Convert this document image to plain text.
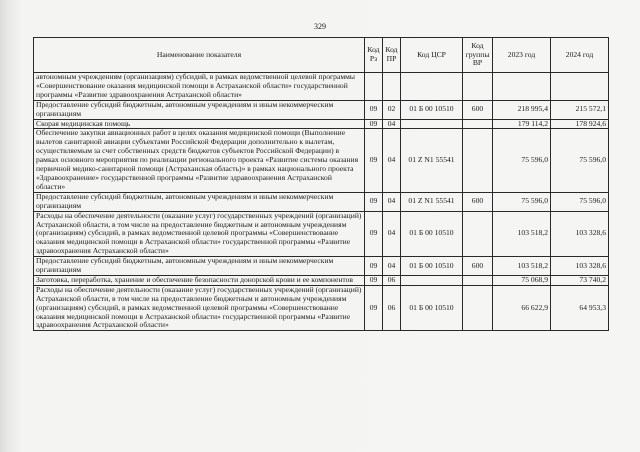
329
Наименование показателя	Код Рз	Код ПР	Код ЦСР	Код группы ВР	2023 год	2024 год
автономным учреждениям (организациям) субсидий, в рамках ведомственной целевой программы «Совершенствование оказания медицинской помощи в Астраханской области» государственной программы «Развитие здравоохранения Астраханской области»						
Предоставление субсидий бюджетным, автономным учреждениям и иным некоммерческим организациям	09	02	01 Б 00 10510	600	218 995,4	215 572,1
Скорая медицинская помощь	09	04			179 114,2	178 924,6
Обеспечение закупки авиационных работ в целях оказания медицинской помощи (Выполнение вылетов санитарной авиации субъектами Российской Федерации дополнительно к вылетам, осуществляемым за счет собственных средств бюджетов субъектов Российской Федерации) в рамках основного мероприятия по реализации регионального проекта «Развитие системы оказания первичной медико-санитарной помощи (Астраханская область)» в рамках национального проекта «Здравоохранение» государственной программы «Развитие здравоохранения Астраханской области»	09	04	01 Z N1 55541		75 596,0	75 596,0
Предоставление субсидий бюджетным, автономным учреждениям и иным некоммерческим организациям	09	04	01 Z N1 55541	600	75 596,0	75 596,0
Расходы на обеспечение деятельности (оказание услуг) государственных учреждений (организаций) Астраханской области, в том числе на предоставление бюджетным и автономным учреждениям (организациям) субсидий, в рамках ведомственной целевой программы «Совершенствование оказания медицинской помощи в Астраханской области» государственной программы «Развитие здравоохранения Астраханской области»	09	04	01 Б 00 10510		103 518,2	103 328,6
Предоставление субсидий бюджетным, автономным учреждениям и иным некоммерческим организациям	09	04	01 Б 00 10510	600	103 518,2	103 328,6
Заготовка, переработка, хранение и обеспечение безопасности донорской крови и ее компонентов	09	06			75 068,9	73 740,2
Расходы на обеспечение деятельности (оказание услуг) государственных учреждений (организаций) Астраханской области, в том числе на предоставление бюджетным и автономным учреждениям (организациям) субсидий, в рамках ведомственной целевой программы «Совершенствование оказания медицинской помощи в Астраханской области» государственной программы «Развитие здравоохранения Астраханской области»	09	06	01 Б 00 10510		66 622,9	64 953,3
